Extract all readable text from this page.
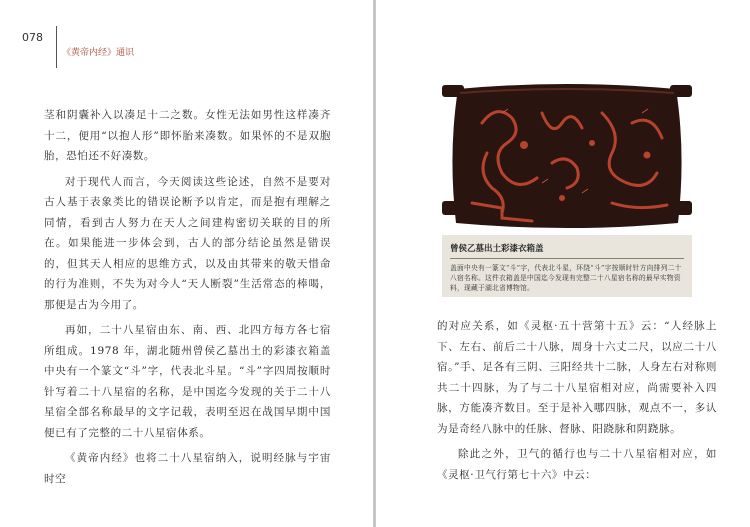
078
《黄帝内经》通识

茎和阴囊补入以凑足十二之数。女性无法如男性这样凑齐十二，便用“以抱人形”即怀胎来凑数。如果怀的不是双胞胎，恐怕还不好凑数。

对于现代人而言，今天阅读这些论述，自然不是要对古人基于表象类比的错误论断予以肯定，而是抱有理解之同情，看到古人努力在天人之间建构密切关联的目的所在。如果能进一步体会到，古人的部分结论虽然是错误的，但其天人相应的思维方式，以及由其带来的敬天惜命的行为准则，不失为对今人“天人断裂”生活常态的棒喝，那便是古为今用了。

再如，二十八星宿由东、南、西、北四方每方各七宿所组成。1978 年，湖北随州曾侯乙墓出土的彩漆衣箱盖中央有一个篆文“斗”字，代表北斗星。“斗”字四周按顺时针写着二十八星宿的名称，是中国迄今发现的关于二十八星宿全部名称最早的文字记载，表明至迟在战国早期中国便已有了完整的二十八星宿体系。

《黄帝内经》也将二十八星宿纳入，说明经脉与宇宙时空

曾侯乙墓出土彩漆衣箱盖
盖面中央有一篆文“斗”字，代表北斗星，环绕“斗”字按顺时针方向排列二十八宿名称。这件衣箱盖是中国迄今发现有完整二十八星宿名称的最早实物资料，现藏于湖北省博物馆。

的对应关系，如《灵枢·五十营第十五》云：“人经脉上下、左右、前后二十八脉，周身十六丈二尺，以应二十八宿。”手、足各有三阴、三阳经共十二脉，人身左右对称则共二十四脉，为了与二十八星宿相对应，尚需要补入四脉，方能凑齐数目。至于是补入哪四脉，观点不一，多认为是奇经八脉中的任脉、督脉、阳跷脉和阴跷脉。

除此之外，卫气的循行也与二十八星宿相对应，如《灵枢·卫气行第七十六》中云：
